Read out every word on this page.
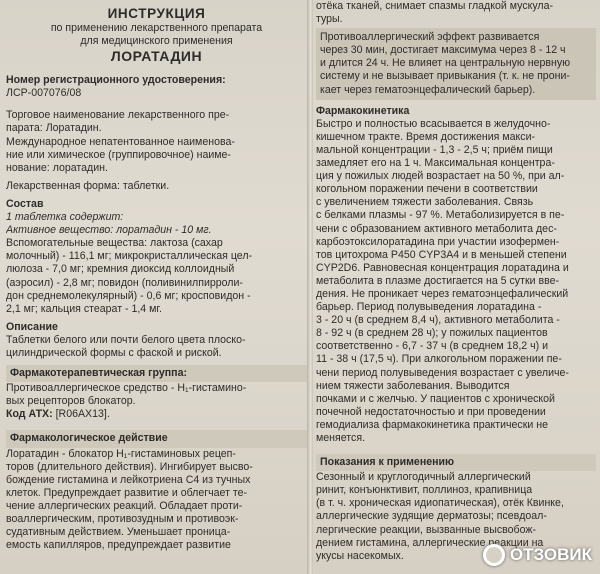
ИНСТРУКЦИЯ

по применению лекарственного препарата

для медицинского применения

ЛОРАТАДИН

Номер регистрационного удостоверения:

ЛСР-007076/08

Торговое наименование лекарственного пре-

парата: Лоратадин.

Международное непатентованное наименова-

ние или химическое (группировочное) наиме-

нование: лоратадин.

Лекарственная форма: таблетки.

Состав

1 таблетка содержит:

Активное вещество: лоратадин - 10 мг.

Вспомогательные вещества: лактоза (сахар

молочный) - 116,1 мг; микрокристаллическая цел-

люлоза - 7,0 мг; кремния диоксид коллоидный

(аэросил) - 2,8 мг; повидон (поливинилпирроли-

дон среднемолекулярный) - 0,6 мг; кросповидон -

2,1 мг; кальция стеарат - 1,4 мг.

Описание

Таблетки белого или почти белого цвета плоско-

цилиндрической формы с фаской и риской.

Фармакотерапевтическая группа:

Противоаллергическое средство - Н₁-гистамино-

вых рецепторов блокатор.

Код АТХ: [R06AX13].

Фармакологическое действие

Лоратадин - блокатор Н₁-гистаминовых рецеп-

торов (длительного действия). Ингибирует высво-

бождение гистамина и лейкотриена C4 из тучных

клеток. Предупреждает развитие и облегчает те-

чение аллергических реакций. Обладает проти-

воаллергическим, противозудным и противоэк-

судативным действием. Уменьшает проница-

емость капилляров, предупреждает развитие

отёка тканей, снимает спазмы гладкой мускула-

туры.

Противоаллергический эффект развивается

через 30 мин, достигает максимума через 8 - 12 ч

и длится 24 ч. Не влияет на центральную нервную

систему и не вызывает привыкания (т. к. не прони-

кает через гематоэнцефалический барьер).

Фармакокинетика

Быстро и полностью всасывается в желудочно-

кишечном тракте. Время достижения макси-

мальной концентрации - 1,3 - 2,5 ч; приём пищи

замедляет его на 1 ч. Максимальная концентра-

ция у пожилых людей возрастает на 50 %, при ал-

когольном поражении печени в соответствии

с увеличением тяжести заболевания. Связь

с белками плазмы - 97 %. Метаболизируется в пе-

чени с образованием активного метаболита дес-

карбоэтоксилоратадина при участии изофермен-

тов цитохрома P450 CYP3A4 и в меньшей степени

CYP2D6. Равновесная концентрация лоратадина и

метаболита в плазме достигается на 5 сутки вве-

дения. Не проникает через гематоэнцефалический

барьер. Период полувыведения лоратадина -

3 - 20 ч (в среднем 8,4 ч), активного метаболита -

8 - 92 ч (в среднем 28 ч); у пожилых пациентов

соответственно - 6,7 - 37 ч (в среднем 18,2 ч) и

11 - 38 ч (17,5 ч). При алкогольном поражении пе-

чени период полувыведения возрастает с увеличе-

нием тяжести заболевания. Выводится

почками и с желчью. У пациентов с хронической

почечной недостаточностью и при проведении

гемодиализа фармакокинетика практически не

меняется.

Показания к применению

Сезонный и круглогодичный аллергический

ринит, конъюнктивит, поллиноз, крапивница

(в т. ч. хроническая идиопатическая), отёк Квинке,

аллергические зудящие дерматозы; псевдоал-

лергические реакции, вызванные высвобож-

дением гистамина, аллергические реакции на

укусы насекомых.	ОТЗОВИК
